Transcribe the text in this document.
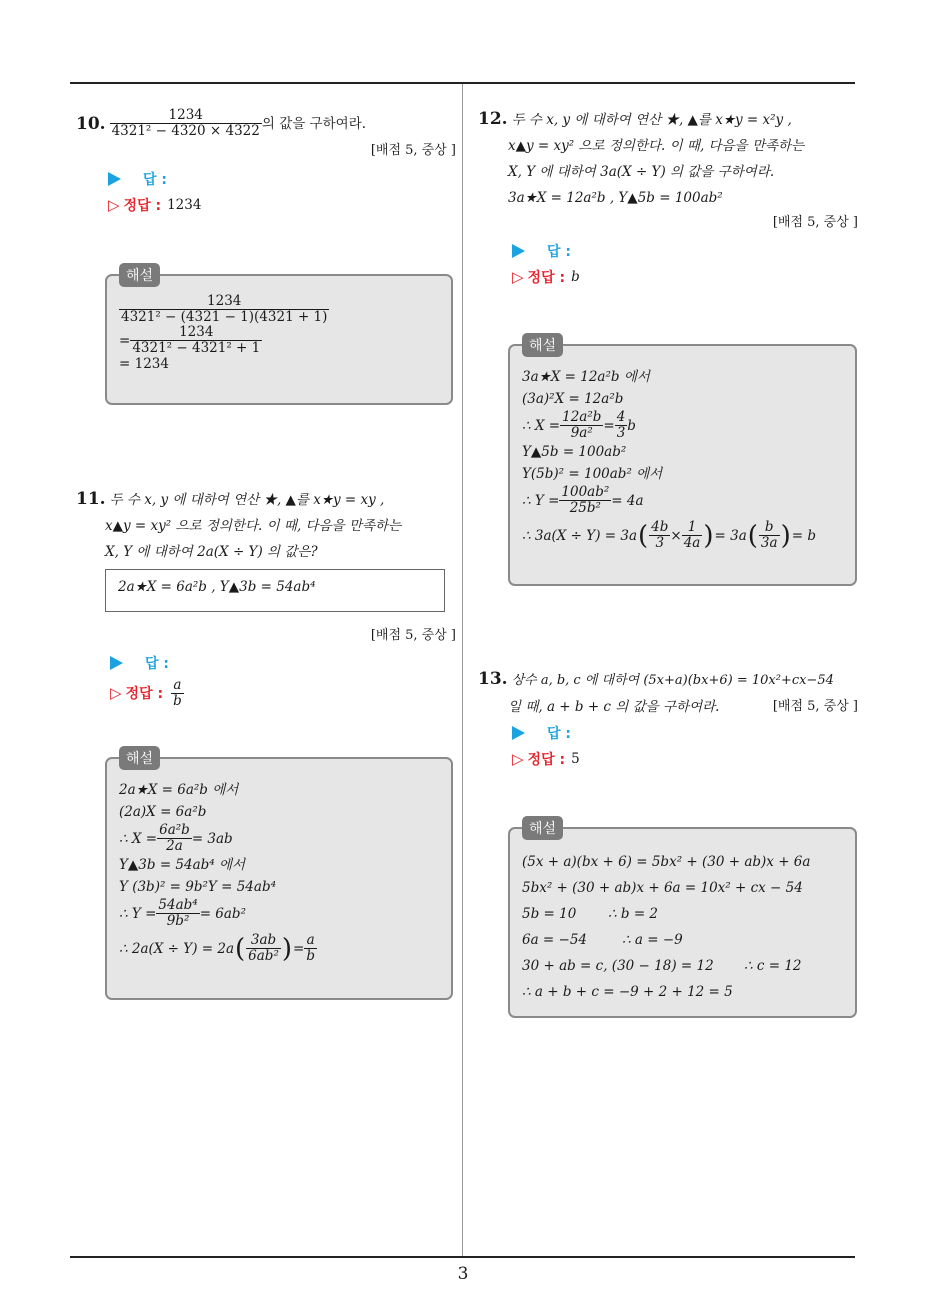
3
10. $\frac{1234}{\text{4321² − 4320 × 4322}}$ 의 값을 구하여라.
[배점 5, 중상 ]
답 :
▷ 정답 : 1234
해설
$\frac{1234}{\text{4321² − (4321 − 1)(4321 + 1)}}$
= $\frac{1234}{\text{4321² − 4321² + 1}}$
= 1234
11. 두 수 x, y 에 대하여 연산 ★, ▲를 x★y = xy ,
x▲y = xy² 으로 정의한다. 이 때, 다음을 만족하는
X, Y 에 대하여 2a(X ÷ Y) 의 값은?
2a★X = 6a²b , Y▲3b = 54ab⁴
[배점 5, 중상 ]
답 :
▷ 정답 : $\frac{a}{b}$
해설
2a★X = 6a²b 에서
(2a)X = 6a²b
∴ $X = \frac{\text{6a²b}}{2a} = 3ab$
Y▲3b = 54ab⁴ 에서
Y (3b)² = 9b²Y = 54ab⁴
∴ $Y = \frac{\text{54ab⁴}}{\text{9b²}} = 6ab^2$
∴ 2a(X ÷ Y) = 2a ( $\frac{3ab}{\text{6ab²}}$ ) = $\frac{a}{b}$
12. 두 수 x, y 에 대하여 연산 ★, ▲를 x★y = x²y ,
x▲y = xy² 으로 정의한다. 이 때, 다음을 만족하는
X, Y 에 대하여 3a(X ÷ Y) 의 값을 구하여라.
3a★X = 12a²b , Y▲5b = 100ab²
[배점 5, 중상 ]
답 :
▷ 정답 : b
해설
3a★X = 12a²b 에서
(3a)²X = 12a²b
∴ $X = \frac{\text{12a²b}}{\text{9a²}} = \frac{4}{3}$ b
Y▲5b = 100ab²
Y(5b)² = 100ab² 에서
∴ $Y = \frac{\text{100ab²}}{\text{25b²}} = 4a$
∴ 3a(X ÷ Y) = 3a ( $\frac{4b}{3} \times \frac{1}{4a}$ ) = 3a ( $\frac{b}{3a}$ ) = b
13. 상수 a, b, c 에 대하여 (5x+a)(bx+6) = 10x²+cx−54
일 때, a + b + c 의 값을 구하여라.	[배점 5, 중상 ]
답 :
▷ 정답 : 5
해설
(5x + a)(bx + 6) = 5bx² + (30 + ab)x + 6a
5bx² + (30 + ab)x + 6a = 10x² + cx − 54
5b = 10 ∴ b = 2
6a = −54	∴ a = −9
30 + ab = c, (30 − 18) = 12 ∴ c = 12
∴ a + b + c = −9 + 2 + 12 = 5
